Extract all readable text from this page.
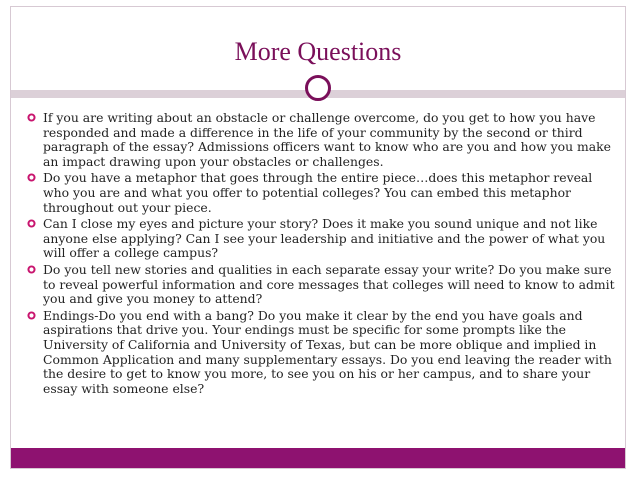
More Questions
If you are writing about an obstacle or challenge overcome, do you get to how you have responded and made a difference in the life of your community by the second or third paragraph of the essay? Admissions officers want to know who are you and how you make an impact drawing upon your obstacles or challenges.
Do you have a metaphor that goes through the entire piece…does this metaphor reveal who you are and what you offer to potential colleges? You can embed this metaphor throughout out your piece.
Can I close my eyes and picture your story? Does it make you sound unique and not like anyone else applying? Can I see your leadership and initiative and the power of what you will offer a college campus?
Do you tell new stories and qualities in each separate essay your write? Do you make sure to reveal powerful information and core messages that colleges will need to know to admit you and give you money to attend?
Endings-Do you end with a bang? Do you make it clear by the end you have goals and aspirations that drive you. Your endings must be specific for some prompts like the University of California and University of Texas, but can be more oblique and implied in Common Application and many supplementary essays. Do you end leaving the reader with the desire to get to know you more, to see you on his or her campus, and to share your essay with someone else?
